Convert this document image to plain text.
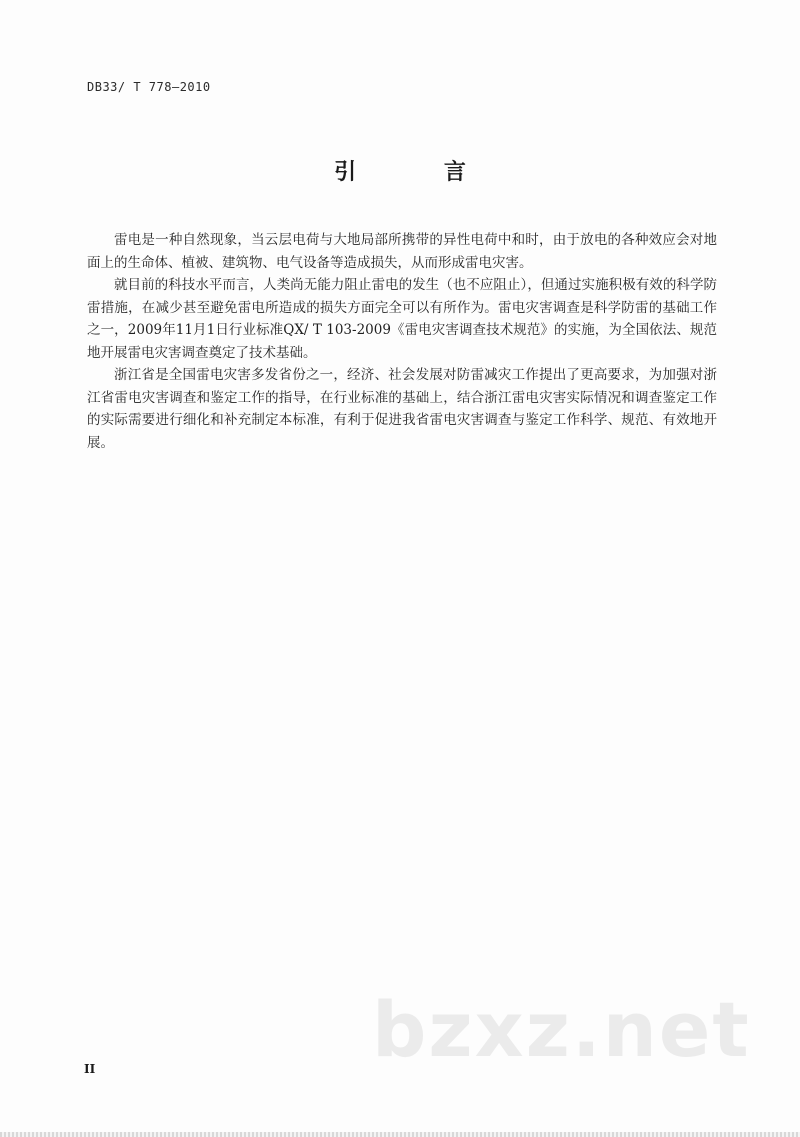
DB33/ T 778—2010
引 言

雷电是一种自然现象，当云层电荷与大地局部所携带的异性电荷中和时，由于放电的各种效应会对地面上的生命体、植被、建筑物、电气设备等造成损失，从而形成雷电灾害。

就目前的科技水平而言，人类尚无能力阻止雷电的发生（也不应阻止），但通过实施积极有效的科学防雷措施，在减少甚至避免雷电所造成的损失方面完全可以有所作为。雷电灾害调查是科学防雷的基础工作之一，2009年11月1日行业标准QX/ T 103-2009《雷电灾害调查技术规范》的实施，为全国依法、规范地开展雷电灾害调查奠定了技术基础。

浙江省是全国雷电灾害多发省份之一，经济、社会发展对防雷减灾工作提出了更高要求，为加强对浙江省雷电灾害调查和鉴定工作的指导，在行业标准的基础上，结合浙江雷电灾害实际情况和调查鉴定工作的实际需要进行细化和补充制定本标准，有利于促进我省雷电灾害调查与鉴定工作科学、规范、有效地开展。

bzxz.net
II
